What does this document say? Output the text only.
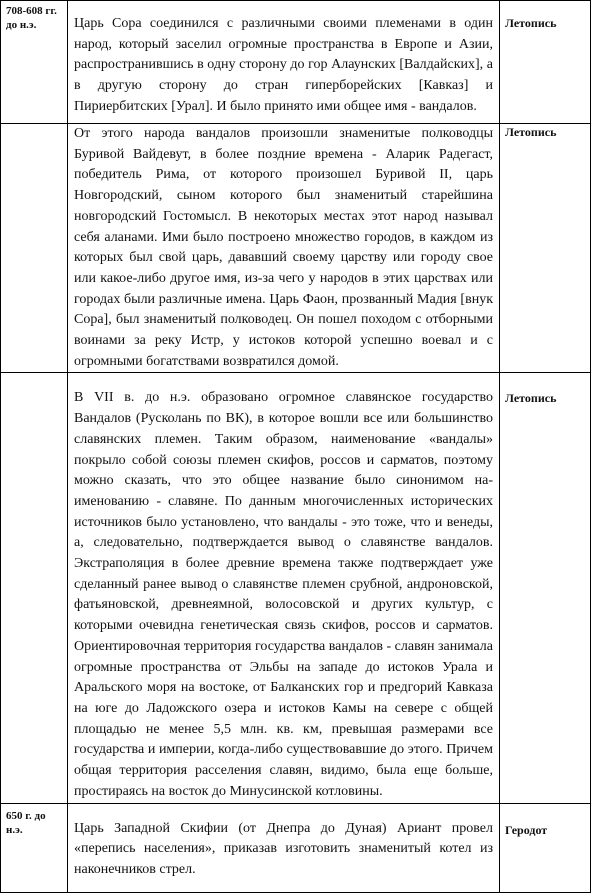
708-608 гг. до н.э.	Царь Сора соединился с различными своими племенами в один народ, который заселил огромные пространства в Европе и Азии, распространившись в одну сторону до гор Алаунских [Валдайских], а в другую сторону до стран гиперборейских [Кавказ] и Пириербитских [Урал]. И было принято ими общее имя - вандалов.	Летопись

	От этого народа вандалов произошли знаменитые полководцы Буривой Вайдевут, в более поздние времена - Аларик Радегаст, победитель Рима, от которого произошел Буривой II, царь Новгородский, сыном которого был знаменитый старейшина новгородский Гостомысл. В некоторых местах этот народ называл себя аланами. Ими было построено множество городов, в каждом из которых был свой царь, дававший своему царству или городу свое или какое-либо другое имя, из-за чего у народов в этих царствах или городах были различные имена. Царь Фаон, прозванный Мадия [внук Сора], был знаменитый полководец. Он пошел походом с отборными воинами за реку Истр, у истоков которой успешно воевал и с огромными богатствами возвратился домой.	Летопись

	В VII в. до н.э. образовано огромное славянское государство Вандалов (Русколань по ВК), в которое вошли все или большинство славянских племен. Таким образом, наименование «вандалы» покрыло собой союзы племен скифов, россов и сарматов, поэтому можно сказать, что это общее название было синонимом наименованию - славяне. По данным многочисленных исторических источников было установлено, что вандалы - это тоже, что и венеды, а, следовательно, подтверждается вывод о славянстве вандалов. Экстраполяция в более древние времена также подтверждает уже сделанный ранее вывод о славянстве племен срубной, андроновской, фатьяновской, древнеямной, волосовской и других культур, с которыми очевидна генетическая связь скифов, россов и сарматов. Ориентировочная территория государства вандалов - славян занимала огромные пространства от Эльбы на западе до истоков Урала и Аральского моря на востоке, от Балканских гор и предгорий Кавказа на юге до Ладожского озера и истоков Камы на севере с общей площадью не менее 5,5 млн. кв. км, превышая размерами все государства и империи, когда-либо существовавшие до этого. Причем общая территория расселения славян, видимо, была еще больше, простираясь на восток до Минусинской котловины.	Летопись

650 г. до н.э.	Царь Западной Скифии (от Днепра до Дуная) Ариант провел «перепись населения», приказав изготовить знаменитый котел из наконечников стрел.	Геродот
